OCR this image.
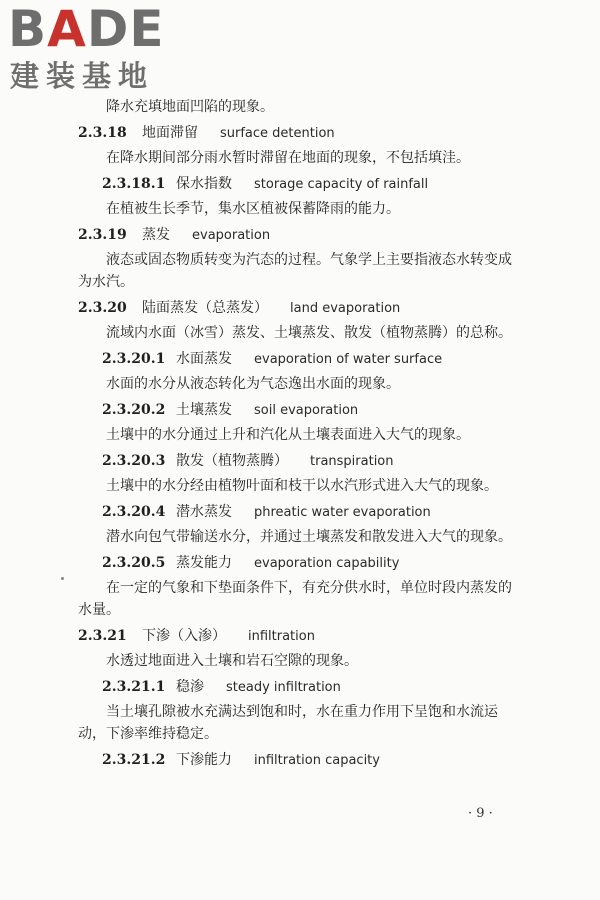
BADE
建装基地

降水充填地面凹陷的现象。

2.3.18	地面滞留 surface detention

在降水期间部分雨水暂时滞留在地面的现象，不包括填洼。

2.3.18.1 保水指数 storage capacity of rainfall

在植被生长季节，集水区植被保蓄降雨的能力。

2.3.19	蒸发 evaporation

液态或固态物质转变为汽态的过程。气象学上主要指液态水转变成为水汽。

2.3.20	陆面蒸发（总蒸发） land evaporation

流域内水面（冰雪）蒸发、土壤蒸发、散发（植物蒸腾）的总称。

2.3.20.1 水面蒸发 evaporation of water surface

水面的水分从液态转化为气态逸出水面的现象。

2.3.20.2 土壤蒸发 soil evaporation

土壤中的水分通过上升和汽化从土壤表面进入大气的现象。

2.3.20.3 散发（植物蒸腾） transpiration

土壤中的水分经由植物叶面和枝干以水汽形式进入大气的现象。

2.3.20.4 潜水蒸发 phreatic water evaporation

潜水向包气带输送水分，并通过土壤蒸发和散发进入大气的现象。

2.3.20.5 蒸发能力 evaporation capability

在一定的气象和下垫面条件下，有充分供水时，单位时段内蒸发的水量。

2.3.21	下渗（入渗） infiltration

水透过地面进入土壤和岩石空隙的现象。

2.3.21.1 稳渗 steady infiltration

当土壤孔隙被水充满达到饱和时，水在重力作用下呈饱和水流运动，下渗率维持稳定。

2.3.21.2 下渗能力 infiltration capacity
· 9 ·
